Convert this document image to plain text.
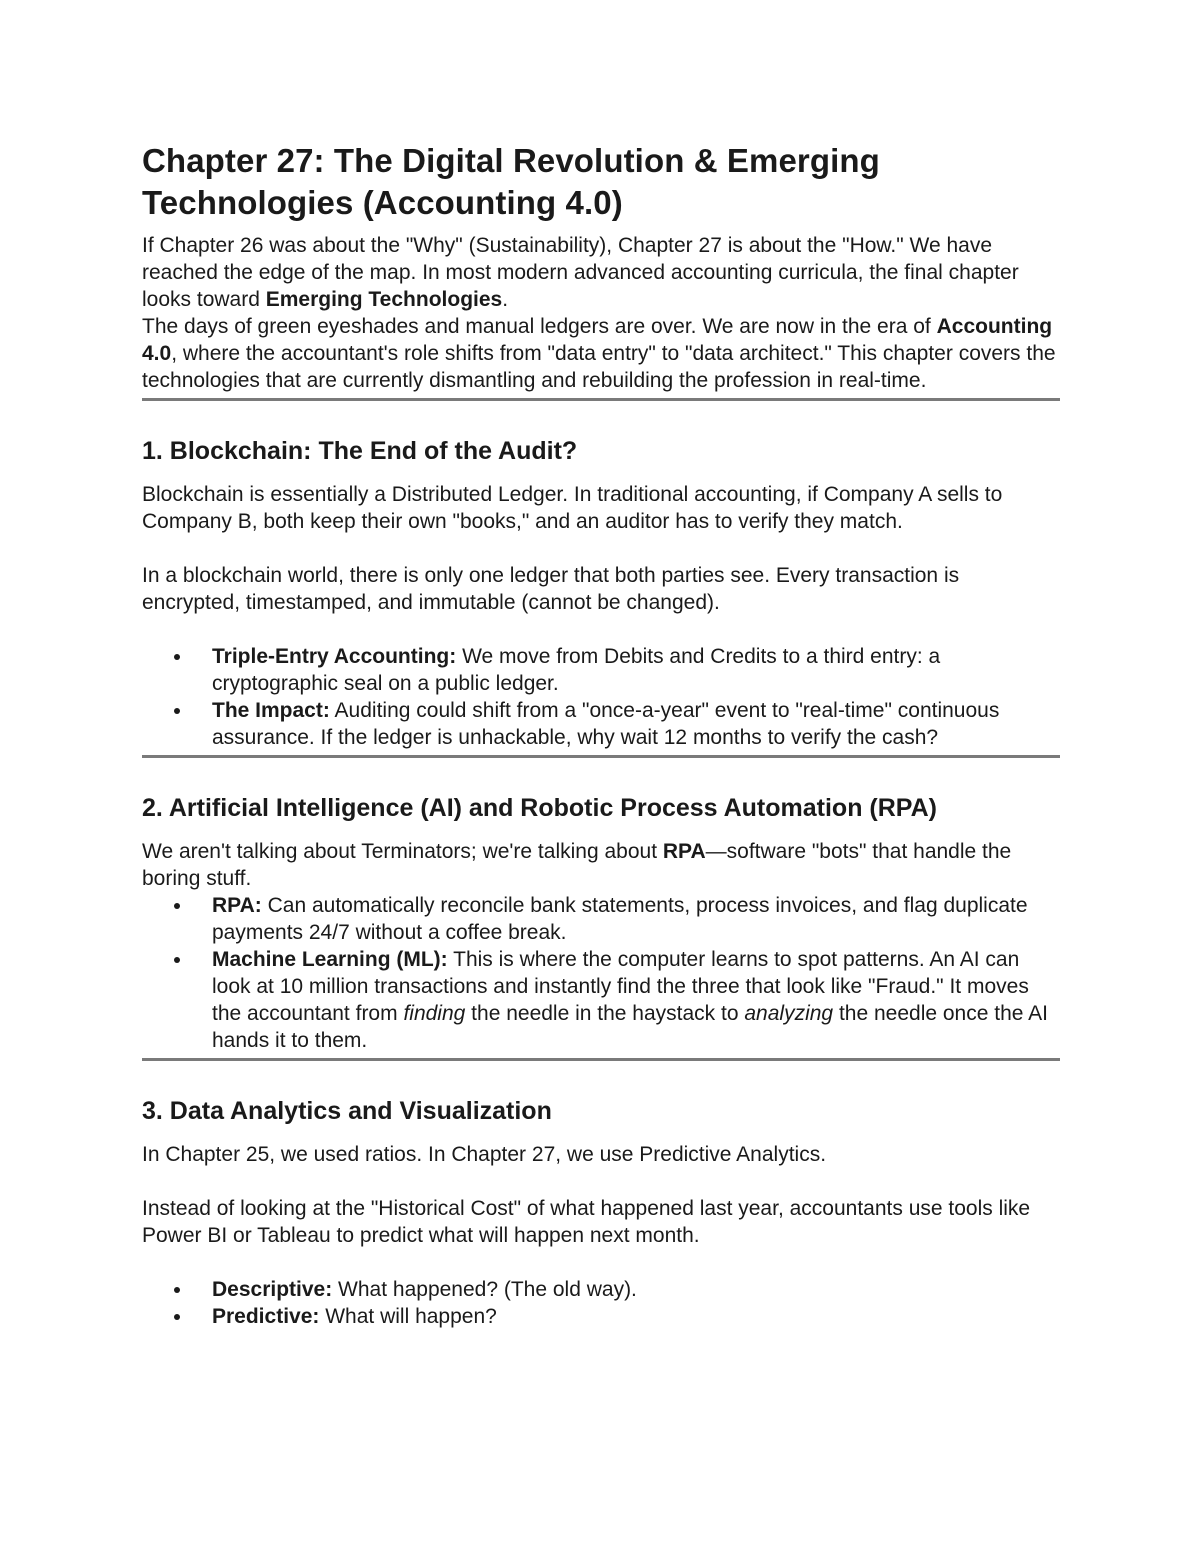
Chapter 27: The Digital Revolution & Emerging
Technologies (Accounting 4.0)

If Chapter 26 was about the "Why" (Sustainability), Chapter 27 is about the "How." We have reached the edge of the map. In most modern advanced accounting curricula, the final chapter looks toward Emerging Technologies.

The days of green eyeshades and manual ledgers are over. We are now in the era of Accounting 4.0, where the accountant's role shifts from "data entry" to "data architect." This chapter covers the technologies that are currently dismantling and rebuilding the profession in real-time.

1. Blockchain: The End of the Audit?

Blockchain is essentially a Distributed Ledger. In traditional accounting, if Company A sells to Company B, both keep their own "books," and an auditor has to verify they match.

In a blockchain world, there is only one ledger that both parties see. Every transaction is encrypted, timestamped, and immutable (cannot be changed).

Triple-Entry Accounting: We move from Debits and Credits to a third entry: a cryptographic seal on a public ledger.
The Impact: Auditing could shift from a "once-a-year" event to "real-time" continuous assurance. If the ledger is unhackable, why wait 12 months to verify the cash?
2. Artificial Intelligence (AI) and Robotic Process Automation (RPA)

We aren't talking about Terminators; we're talking about RPA—software "bots" that handle the boring stuff.

RPA: Can automatically reconcile bank statements, process invoices, and flag duplicate payments 24/7 without a coffee break.
Machine Learning (ML): This is where the computer learns to spot patterns. An AI can look at 10 million transactions and instantly find the three that look like "Fraud." It moves the accountant from finding the needle in the haystack to analyzing the needle once the AI hands it to them.
3. Data Analytics and Visualization

In Chapter 25, we used ratios. In Chapter 27, we use Predictive Analytics.

Instead of looking at the "Historical Cost" of what happened last year, accountants use tools like Power BI or Tableau to predict what will happen next month.

Descriptive: What happened? (The old way).
Predictive: What will happen?
